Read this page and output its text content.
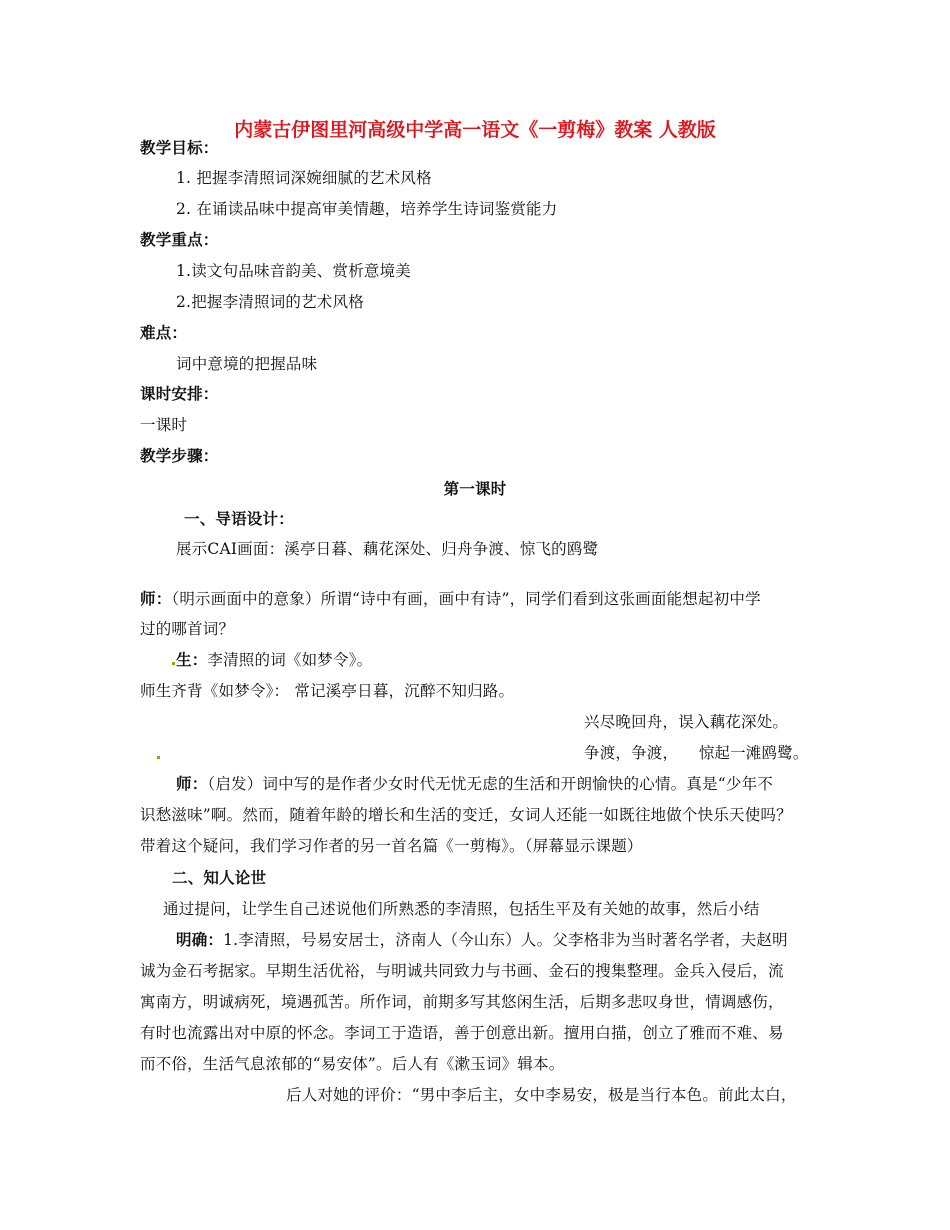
内蒙古伊图里河高级中学高一语文《一剪梅》教案 人教版
教学目标：
1. 把握李清照词深婉细腻的艺术风格
2. 在诵读品味中提高审美情趣，培养学生诗词鉴赏能力
教学重点：
1.读文句品味音韵美、赏析意境美
2.把握李清照词的艺术风格
难点：
词中意境的把握品味
课时安排：
一课时
教学步骤：
第一课时
一、导语设计：
展示CAI画面：溪亭日暮、藕花深处、归舟争渡、惊飞的鸥鹭
师：（明示画面中的意象）所谓“诗中有画，画中有诗”，同学们看到这张画面能想起初中学
过的哪首词？
生：李清照的词《如梦令》。
师生齐背《如梦令》： 常记溪亭日暮，沉醉不知归路。
兴尽晚回舟，误入藕花深处。
争渡，争渡，    惊起一滩鸥鹭。
师：（启发）词中写的是作者少女时代无忧无虑的生活和开朗愉快的心情。真是“少年不
识愁滋味”啊。然而，随着年龄的增长和生活的变迁，女词人还能一如既往地做个快乐天使吗？
带着这个疑问，我们学习作者的另一首名篇《一剪梅》。（屏幕显示课题）
二、知人论世
通过提问，让学生自己述说他们所熟悉的李清照，包括生平及有关她的故事，然后小结
明确：1.李清照，号易安居士，济南人（今山东）人。父李格非为当时著名学者，夫赵明
诚为金石考据家。早期生活优裕，与明诚共同致力与书画、金石的搜集整理。金兵入侵后，流
寓南方，明诚病死，境遇孤苦。所作词，前期多写其悠闲生活，后期多悲叹身世，情调感伤，
有时也流露出对中原的怀念。李词工于造语，善于创意出新。擅用白描，创立了雅而不难、易
而不俗，生活气息浓郁的“易安体”。后人有《漱玉词》辑本。
后人对她的评价：“男中李后主，女中李易安，极是当行本色。前此太白，
